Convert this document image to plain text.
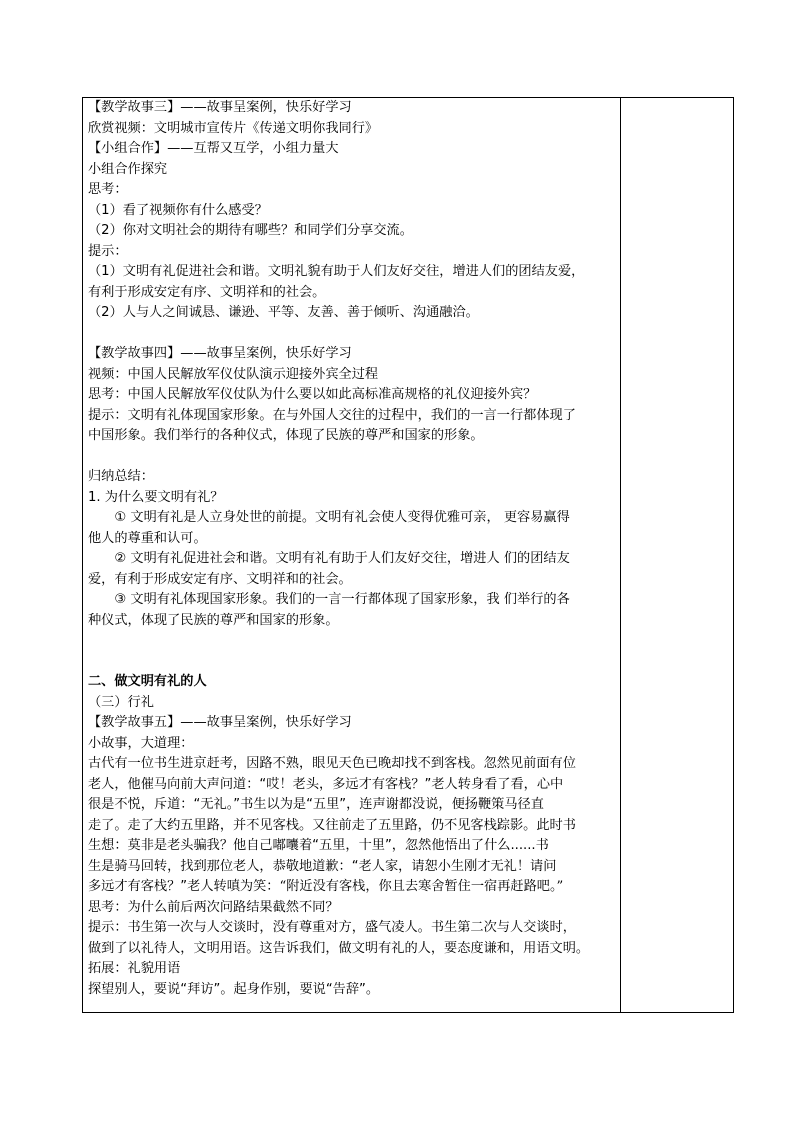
【教学故事三】——故事呈案例，快乐好学习
欣赏视频：文明城市宣传片《传递文明你我同行》
【小组合作】——互帮又互学，小组力量大
小组合作探究
思考：
（1）看了视频你有什么感受？
（2）你对文明社会的期待有哪些？和同学们分享交流。
提示：
（1）文明有礼促进社会和谐。文明礼貌有助于人们友好交往，增进人们的团结友爱，
有利于形成安定有序、文明祥和的社会。
（2）人与人之间诚恳、谦逊、平等、友善、善于倾听、沟通融洽。
【教学故事四】——故事呈案例，快乐好学习
视频：中国人民解放军仪仗队演示迎接外宾全过程
思考：中国人民解放军仪仗队为什么要以如此高标准高规格的礼仪迎接外宾？
提示：文明有礼体现国家形象。在与外国人交往的过程中，我们的一言一行都体现了
中国形象。我们举行的各种仪式，体现了民族的尊严和国家的形象。
归纳总结：
1. 为什么要文明有礼？
① 文明有礼是人立身处世的前提。文明有礼会使人变得优雅可亲， 更容易赢得
他人的尊重和认可。
② 文明有礼促进社会和谐。文明有礼有助于人们友好交往，增进人 们的团结友
爱，有利于形成安定有序、文明祥和的社会。
③ 文明有礼体现国家形象。我们的一言一行都体现了国家形象，我 们举行的各
种仪式，体现了民族的尊严和国家的形象。
二、做文明有礼的人
（三）行礼
【教学故事五】——故事呈案例，快乐好学习
小故事，大道理：
古代有一位书生进京赶考，因路不熟，眼见天色已晚却找不到客栈。忽然见前面有位
老人，他催马向前大声问道：“哎！老头，多远才有客栈？”老人转身看了看，心中
很是不悦，斥道：“无礼。”书生以为是“五里”，连声谢都没说，便扬鞭策马径直
走了。走了大约五里路，并不见客栈。又往前走了五里路，仍不见客栈踪影。此时书
生想：莫非是老头骗我？他自己嘟囔着“五里，十里”，忽然他悟出了什么......书
生是骑马回转，找到那位老人，恭敬地道歉：“老人家，请恕小生刚才无礼！请问
多远才有客栈？”老人转嗔为笑：“附近没有客栈，你且去寒舍暂住一宿再赶路吧。”
思考：为什么前后两次问路结果截然不同？
提示：书生第一次与人交谈时，没有尊重对方，盛气凌人。书生第二次与人交谈时，
做到了以礼待人，文明用语。这告诉我们，做文明有礼的人，要态度谦和，用语文明。
拓展：礼貌用语
探望别人，要说“拜访”。起身作别，要说“告辞”。
